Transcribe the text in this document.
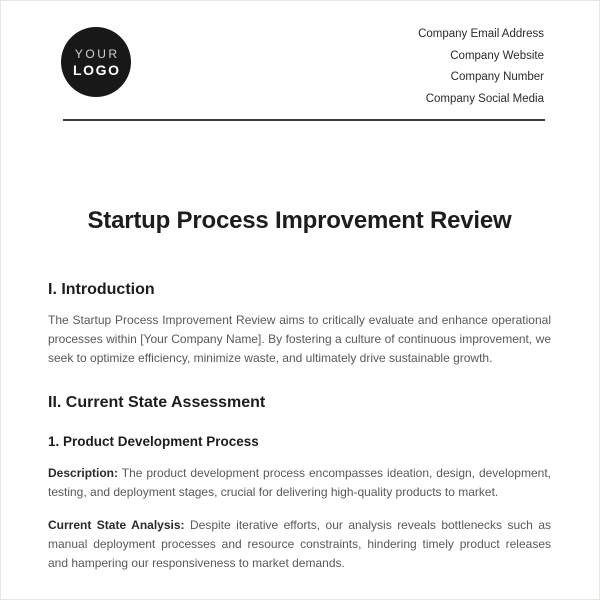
YOUR
LOGO
Company Email Address
Company Website
Company Number
Company Social Media
Startup Process Improvement Review
I. Introduction

The Startup Process Improvement Review aims to critically evaluate and enhance operational processes within [Your Company Name]. By fostering a culture of continuous improvement, we seek to optimize efficiency, minimize waste, and ultimately drive sustainable growth.

II. Current State Assessment
1. Product Development Process

Description: The product development process encompasses ideation, design, development, testing, and deployment stages, crucial for delivering high-quality products to market.

Current State Analysis: Despite iterative efforts, our analysis reveals bottlenecks such as manual deployment processes and resource constraints, hindering timely product releases and hampering our responsiveness to market demands.
